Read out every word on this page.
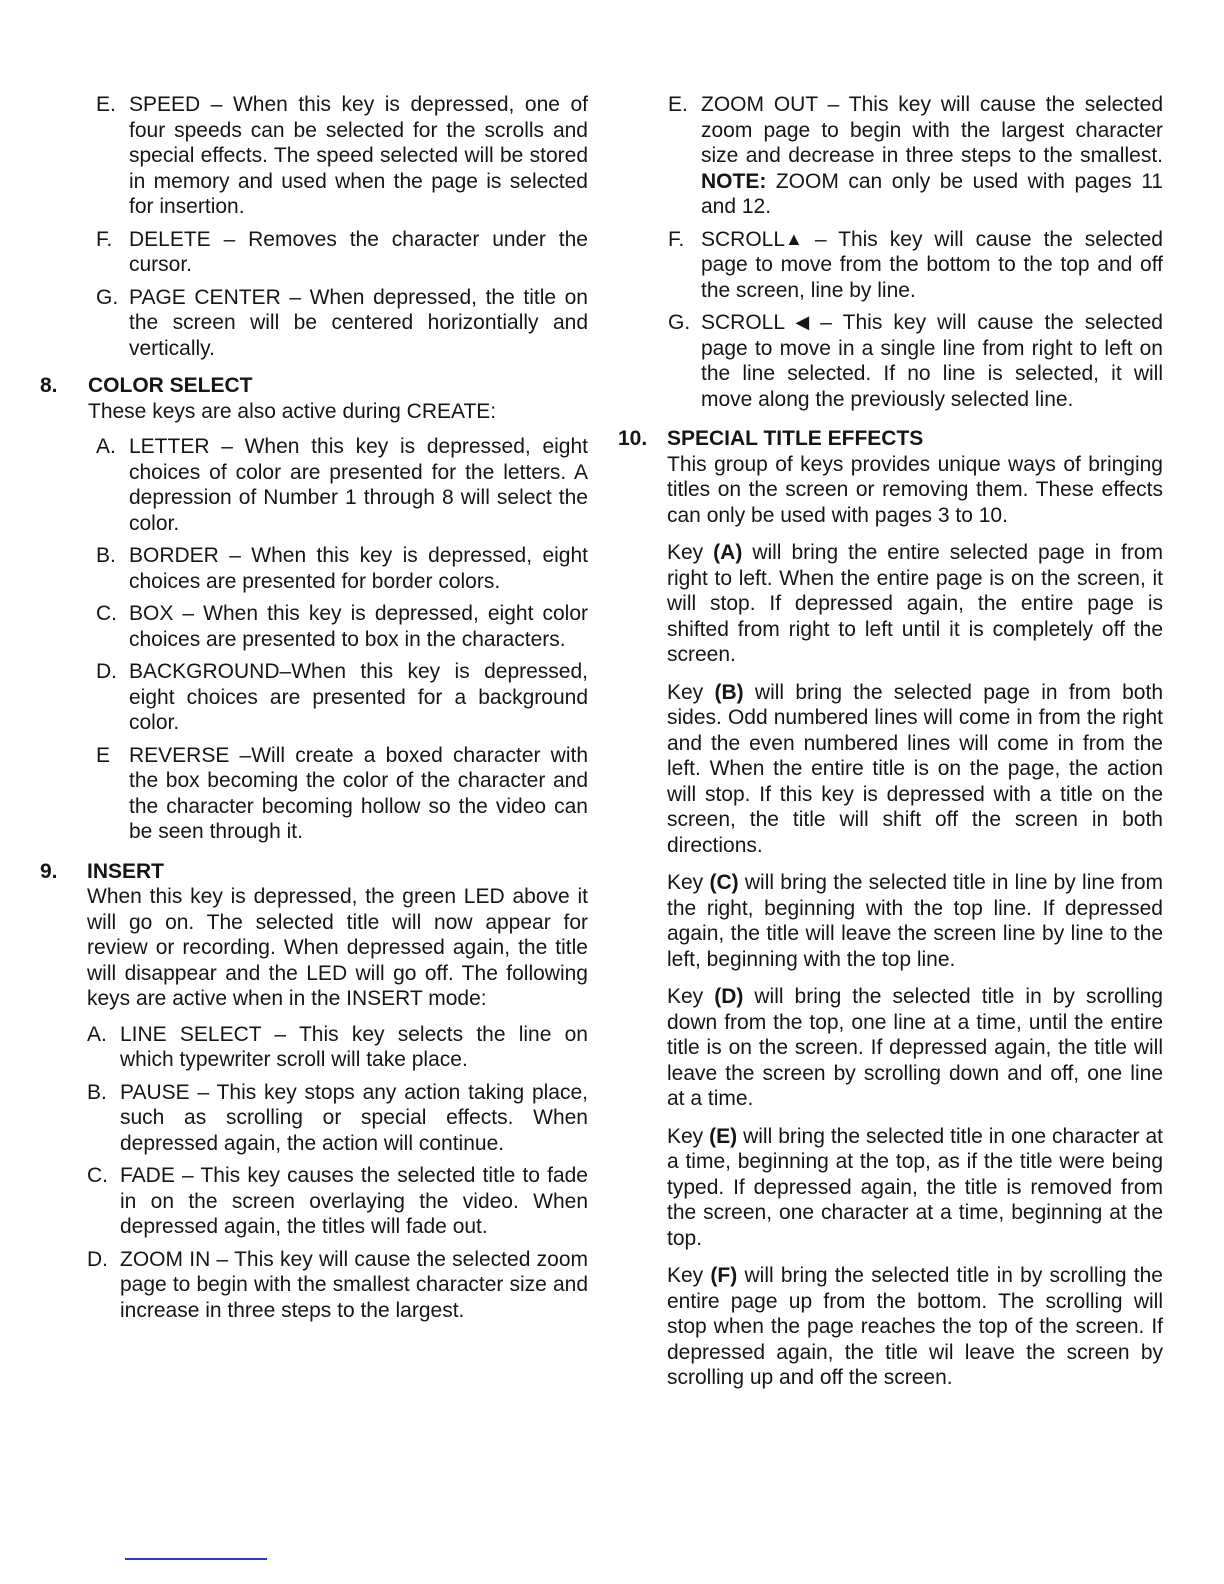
E. SPEED – When this key is depressed, one of four speeds can be selected for the scrolls and special effects. The speed selected will be stored in memory and used when the page is selected for insertion.
F. DELETE – Removes the character under the cursor.
G. PAGE CENTER – When depressed, the title on the screen will be centered horizontially and vertically.
8. COLOR SELECT
These keys are also active during CREATE:
A. LETTER – When this key is depressed, eight choices of color are presented for the letters. A depression of Number 1 through 8 will select the color.
B. BORDER – When this key is depressed, eight choices are presented for border colors.
C. BOX – When this key is depressed, eight color choices are presented to box in the characters.
D. BACKGROUND–When this key is depressed, eight choices are presented for a background color.
E REVERSE –Will create a boxed character with the box becoming the color of the character and the character becoming hollow so the video can be seen through it.
9. INSERT
When this key is depressed, the green LED above it will go on. The selected title will now appear for review or recording. When depressed again, the title will disappear and the LED will go off. The following keys are active when in the INSERT mode:
A. LINE SELECT – This key selects the line on which typewriter scroll will take place.
B. PAUSE – This key stops any action taking place, such as scrolling or special effects. When depressed again, the action will continue.
C. FADE – This key causes the selected title to fade in on the screen overlaying the video. When depressed again, the titles will fade out.
D. ZOOM IN – This key will cause the selected zoom page to begin with the smallest character size and increase in three steps to the largest.
E. ZOOM OUT – This key will cause the selected zoom page to begin with the largest character size and decrease in three steps to the smallest. NOTE: ZOOM can only be used with pages 11 and 12.
F. SCROLL▲ – This key will cause the selected page to move from the bottom to the top and off the screen, line by line.
G. SCROLL ◀ – This key will cause the selected page to move in a single line from right to left on the line selected. If no line is selected, it will move along the previously selected line.
10. SPECIAL TITLE EFFECTS
This group of keys provides unique ways of bringing titles on the screen or removing them. These effects can only be used with pages 3 to 10.

Key (A) will bring the entire selected page in from right to left. When the entire page is on the screen, it will stop. If depressed again, the entire page is shifted from right to left until it is completely off the screen.

Key (B) will bring the selected page in from both sides. Odd numbered lines will come in from the right and the even numbered lines will come in from the left. When the entire title is on the page, the action will stop. If this key is depressed with a title on the screen, the title will shift off the screen in both directions.

Key (C) will bring the selected title in line by line from the right, beginning with the top line. If depressed again, the title will leave the screen line by line to the left, beginning with the top line.

Key (D) will bring the selected title in by scrolling down from the top, one line at a time, until the entire title is on the screen. If depressed again, the title will leave the screen by scrolling down and off, one line at a time.

Key (E) will bring the selected title in one character at a time, beginning at the top, as if the title were being typed. If depressed again, the title is removed from the screen, one character at a time, beginning at the top.

Key (F) will bring the selected title in by scrolling the entire page up from the bottom. The scrolling will stop when the page reaches the top of the screen. If depressed again, the title wil leave the screen by scrolling up and off the screen.
